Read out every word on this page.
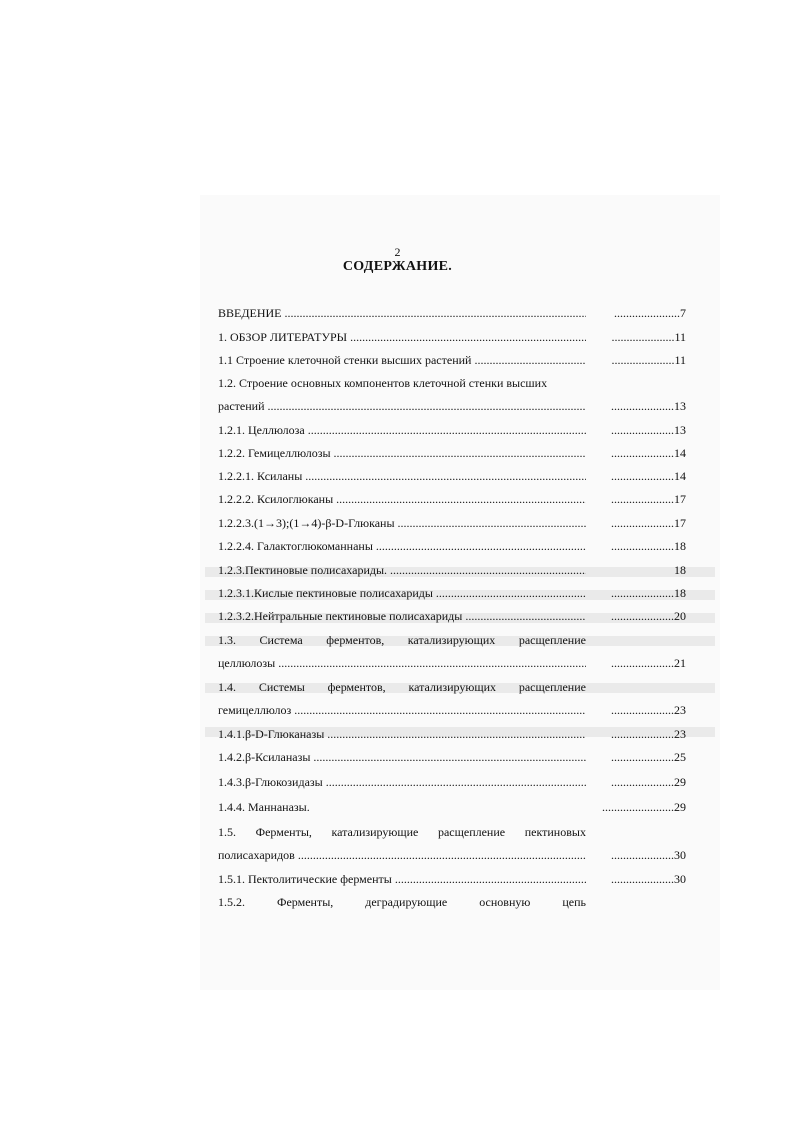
2
СОДЕРЖАНИЕ.
ВВЕДЕНИЕ .....	......................7
1. ОБЗОР ЛИТЕРАТУРЫ .....	.....................11
1.1 Строение клеточной стенки высших растений .....	.....................11
1.2. Строение основных компонентов клеточной стенки высших
растений .....	.....................13
1.2.1. Целлюлоза .....	.....................13
1.2.2. Гемицеллюлозы .....	.....................14
1.2.2.1. Ксиланы .....	.....................14
1.2.2.2. Ксилоглюканы .....	.....................17
1.2.2.3.(1→3);(1→4)-β-D-Глюканы .....	.....................17
1.2.2.4. Галактоглюкоманнаны .....	.....................18
1.2.3.Пектиновые полисахариды. .....	18
1.2.3.1.Кислые пектиновые полисахариды .....	.....................18
1.2.3.2.Нейтральные пектиновые полисахариды .....	.....................20
1.3. Система ферментов, катализирующих расщепление
целлюлозы .....	.....................21
1.4. Системы ферментов, катализирующих расщепление
гемицеллюлоз .....	.....................23
1.4.1.β-D-Глюканазы .....	.....................23
1.4.2.β-Ксиланазы .....	.....................25
1.4.3.β-Глюкозидазы .....	.....................29
1.4.4. Маннаназы.	........................29
1.5. Ферменты, катализирующие расщепление пектиновых
полисахаридов .....	.....................30
1.5.1. Пектолитические ферменты .....	.....................30
1.5.2.	Ферменты,	деградирующие	основную	цепь
